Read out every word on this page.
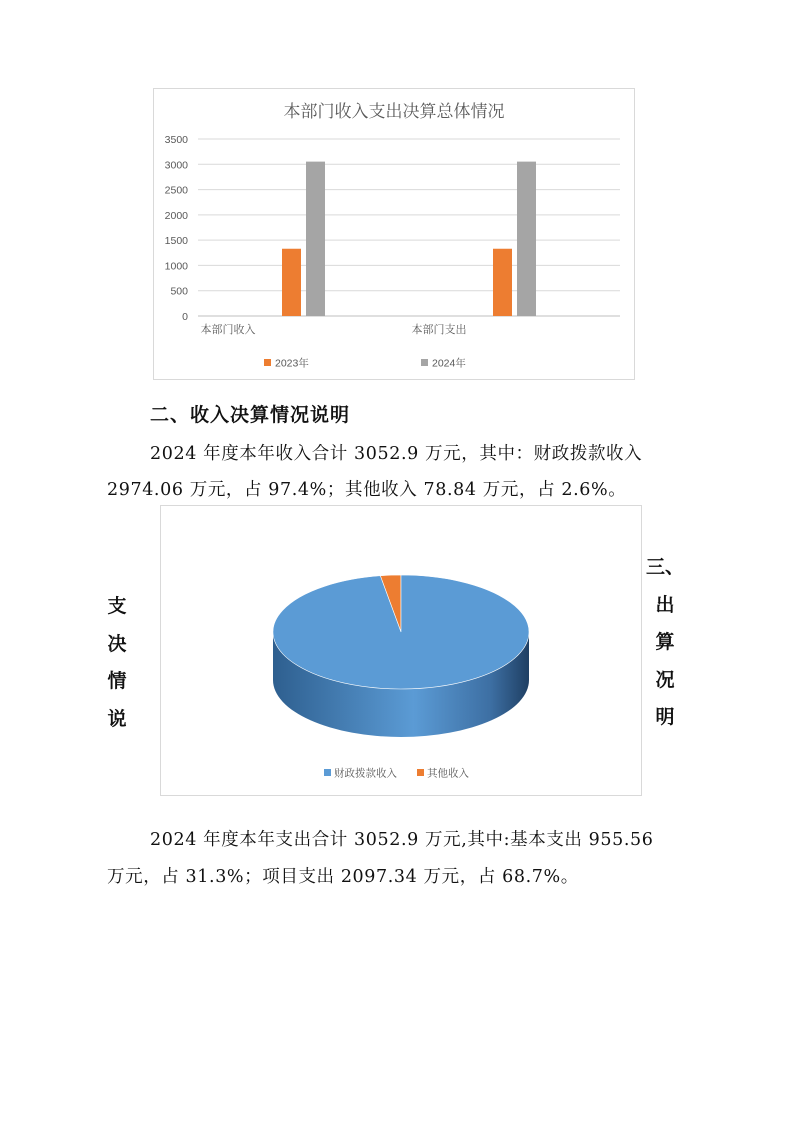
本部门收入支出决算总体情况
0
500
1000
1500
2000
2500
3000
3500
本部门收入	本部门支出
2023年	2024年
二、收入决算情况说明
2024 年度本年收入合计 3052.9 万元，其中：财政拨款收入
2974.06 万元，占 97.4%；其他收入 78.84 万元，占 2.6%。
财政拨款收入	其他收入
支
决
情
说
三、
出
算
况
明
2024 年度本年支出合计 3052.9 万元,其中:基本支出 955.56
万元，占 31.3%；项目支出 2097.34 万元，占 68.7%。
